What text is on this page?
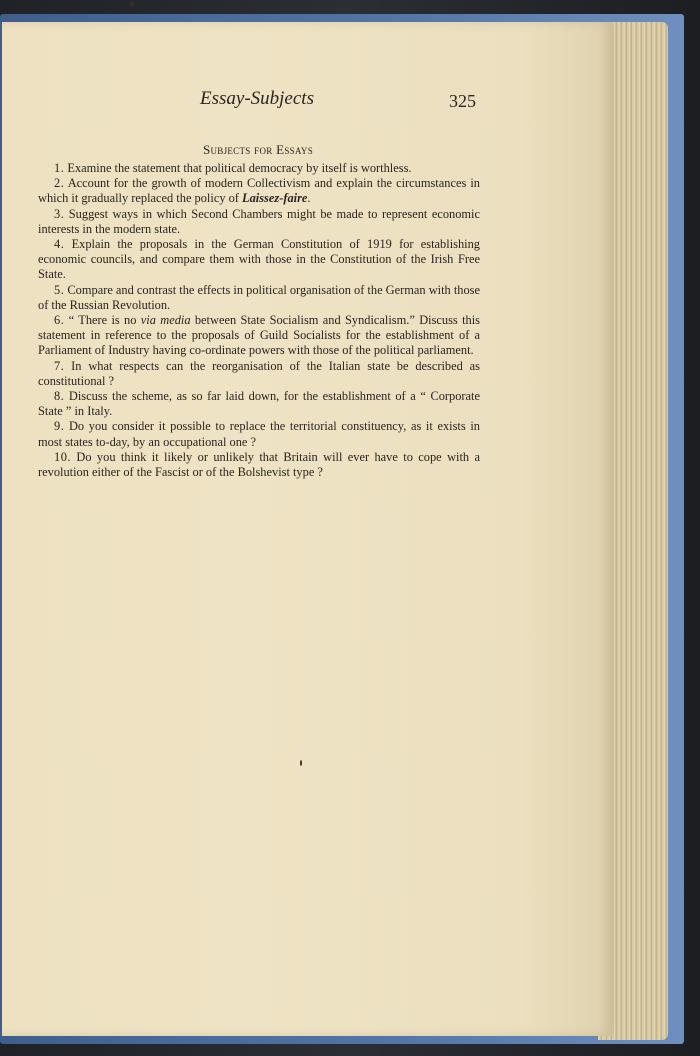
Essay-Subjects	325
Subjects for Essays

1. Examine the statement that political democracy by itself is worthless.

2. Account for the growth of modern Collectivism and explain the circumstances in which it gradually replaced the policy of Laissez-faire.

3. Suggest ways in which Second Chambers might be made to represent economic interests in the modern state.

4. Explain the proposals in the German Constitution of 1919 for establishing economic councils, and compare them with those in the Constitution of the Irish Free State.

5. Compare and contrast the effects in political organisation of the German with those of the Russian Revolution.

6. “ There is no via media between State Socialism and Syndicalism.” Discuss this statement in reference to the proposals of Guild Socialists for the establishment of a Parliament of Industry having co-ordinate powers with those of the political parliament.

7. In what respects can the reorganisation of the Italian state be described as constitutional ?

8. Discuss the scheme, as so far laid down, for the establishment of a “ Corporate State ” in Italy.

9. Do you consider it possible to replace the territorial constituency, as it exists in most states to-day, by an occupational one ?

10. Do you think it likely or unlikely that Britain will ever have to cope with a revolution either of the Fascist or of the Bolshevist type ?
